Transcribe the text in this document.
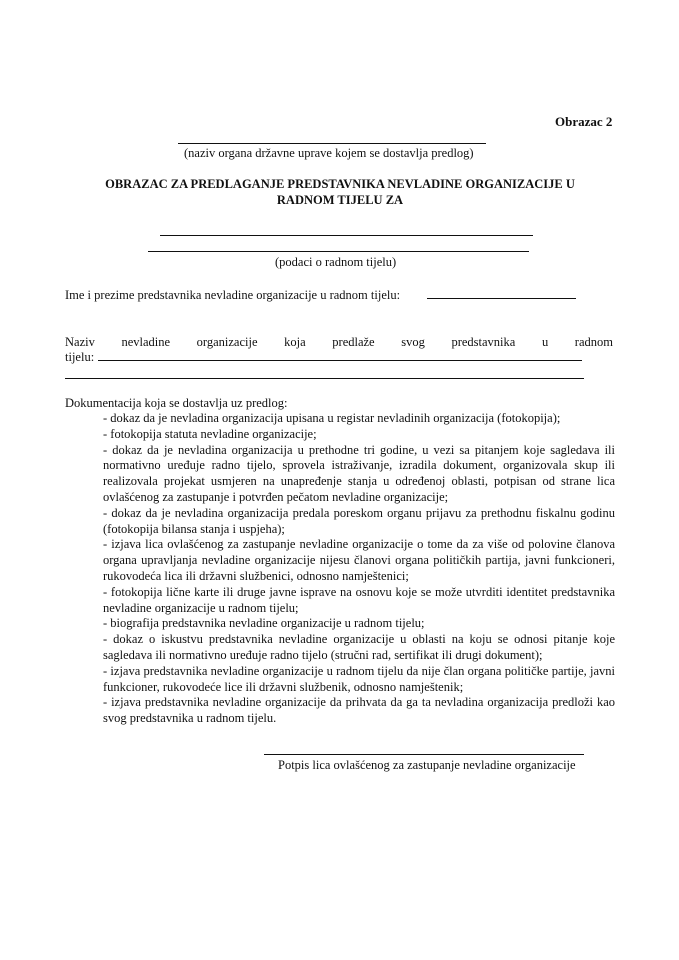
Obrazac 2
(naziv organa državne uprave kojem se dostavlja predlog)
OBRAZAC ZA PREDLAGANJE PREDSTAVNIKA NEVLADINE ORGANIZACIJE U
RADNOM TIJELU ZA
(podaci o radnom tijelu)
Ime i prezime predstavnika nevladine organizacije u radnom tijelu:
Naziv nevladine organizacije koja predlaže svog predstavnika u radnom
tijelu:
Dokumentacija koja se dostavlja uz predlog:

- dokaz da je nevladina organizacija upisana u registar nevladinih organizacija (fotokopija);

- fotokopija statuta nevladine organizacije;

- dokaz da je nevladina organizacija u prethodne tri godine, u vezi sa pitanjem koje sagledava ili normativno uređuje radno tijelo, sprovela istraživanje, izradila dokument, organizovala skup ili realizovala projekat usmjeren na unapređenje stanja u određenoj oblasti, potpisan od strane lica ovlašćenog za zastupanje i potvrđen pečatom nevladine organizacije;

- dokaz da je nevladina organizacija predala poreskom organu prijavu za prethodnu fiskalnu godinu (fotokopija bilansa stanja i uspjeha);

- izjava lica ovlašćenog za zastupanje nevladine organizacije o tome da za više od polovine članova organa upravljanja nevladine organizacije nijesu članovi organa političkih partija, javni funkcioneri, rukovodeća lica ili državni službenici, odnosno namještenici;

- fotokopija lične karte ili druge javne isprave na osnovu koje se može utvrditi identitet predstavnika nevladine organizacije u radnom tijelu;

- biografija predstavnika nevladine organizacije u radnom tijelu;

- dokaz o iskustvu predstavnika nevladine organizacije u oblasti na koju se odnosi pitanje koje sagledava ili normativno uređuje radno tijelo (stručni rad, sertifikat ili drugi dokument);

- izjava predstavnika nevladine organizacije u radnom tijelu da nije član organa političke partije, javni funkcioner, rukovodeće lice ili državni službenik, odnosno namještenik;

- izjava predstavnika nevladine organizacije da prihvata da ga ta nevladina organizacija predloži kao svog predstavnika u radnom tijelu.

Potpis lica ovlašćenog za zastupanje nevladine organizacije
